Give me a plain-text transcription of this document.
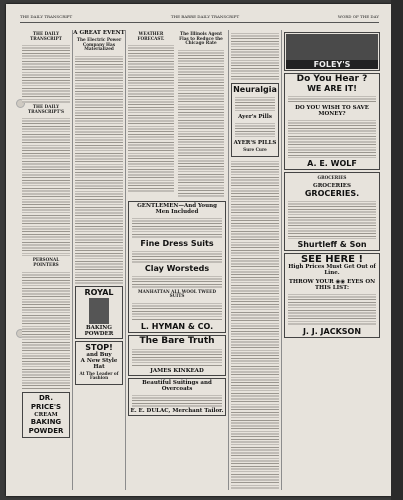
THE DAILY TRANSCRIPT	THE BARRE DAILY TRANSCRIPT	WORD OF THE DAY
THE DAILY TRANSCRIPT
THE DAILY TRANSCRIPT'S
PERSONAL POINTERS
DR. PRICE'S
CREAM
BAKING
POWDER
A GREAT EVENT
The Electric Power Company Has Materialized
ROYAL
BAKING
POWDER
STOP!
and Buy
A New Style Hat
At The Leader of Fashion
WEATHER FORECAST.
The Illinois Agent Flas to Reduce the Chicago Rate
GENTLEMEN—And Young Men Included
Fine Dress Suits
Clay Worsteds
MANHATTAN ALL WOOL TWEED SUITS
L. HYMAN & CO.
The Bare Truth
JAMES KINKEAD
Beautiful Suitings and Overcoats
E. E. DULAC, Merchant Tailor.
Neuralgia
Ayer's Pills
AYER'S PILLS
Sure Cure
FOLEY'S
Do You Hear ?
WE ARE IT!
DO YOU WISH TO SAVE MONEY?
A. E. WOLF
GROCERIES
GROCERIES
GROCERIES.
Shurtleff & Son
SEE HERE !
High Prices Must Get Out of Line.
THROW YOUR ◉◉ EYES ON THIS LIST:
J. J. JACKSON
